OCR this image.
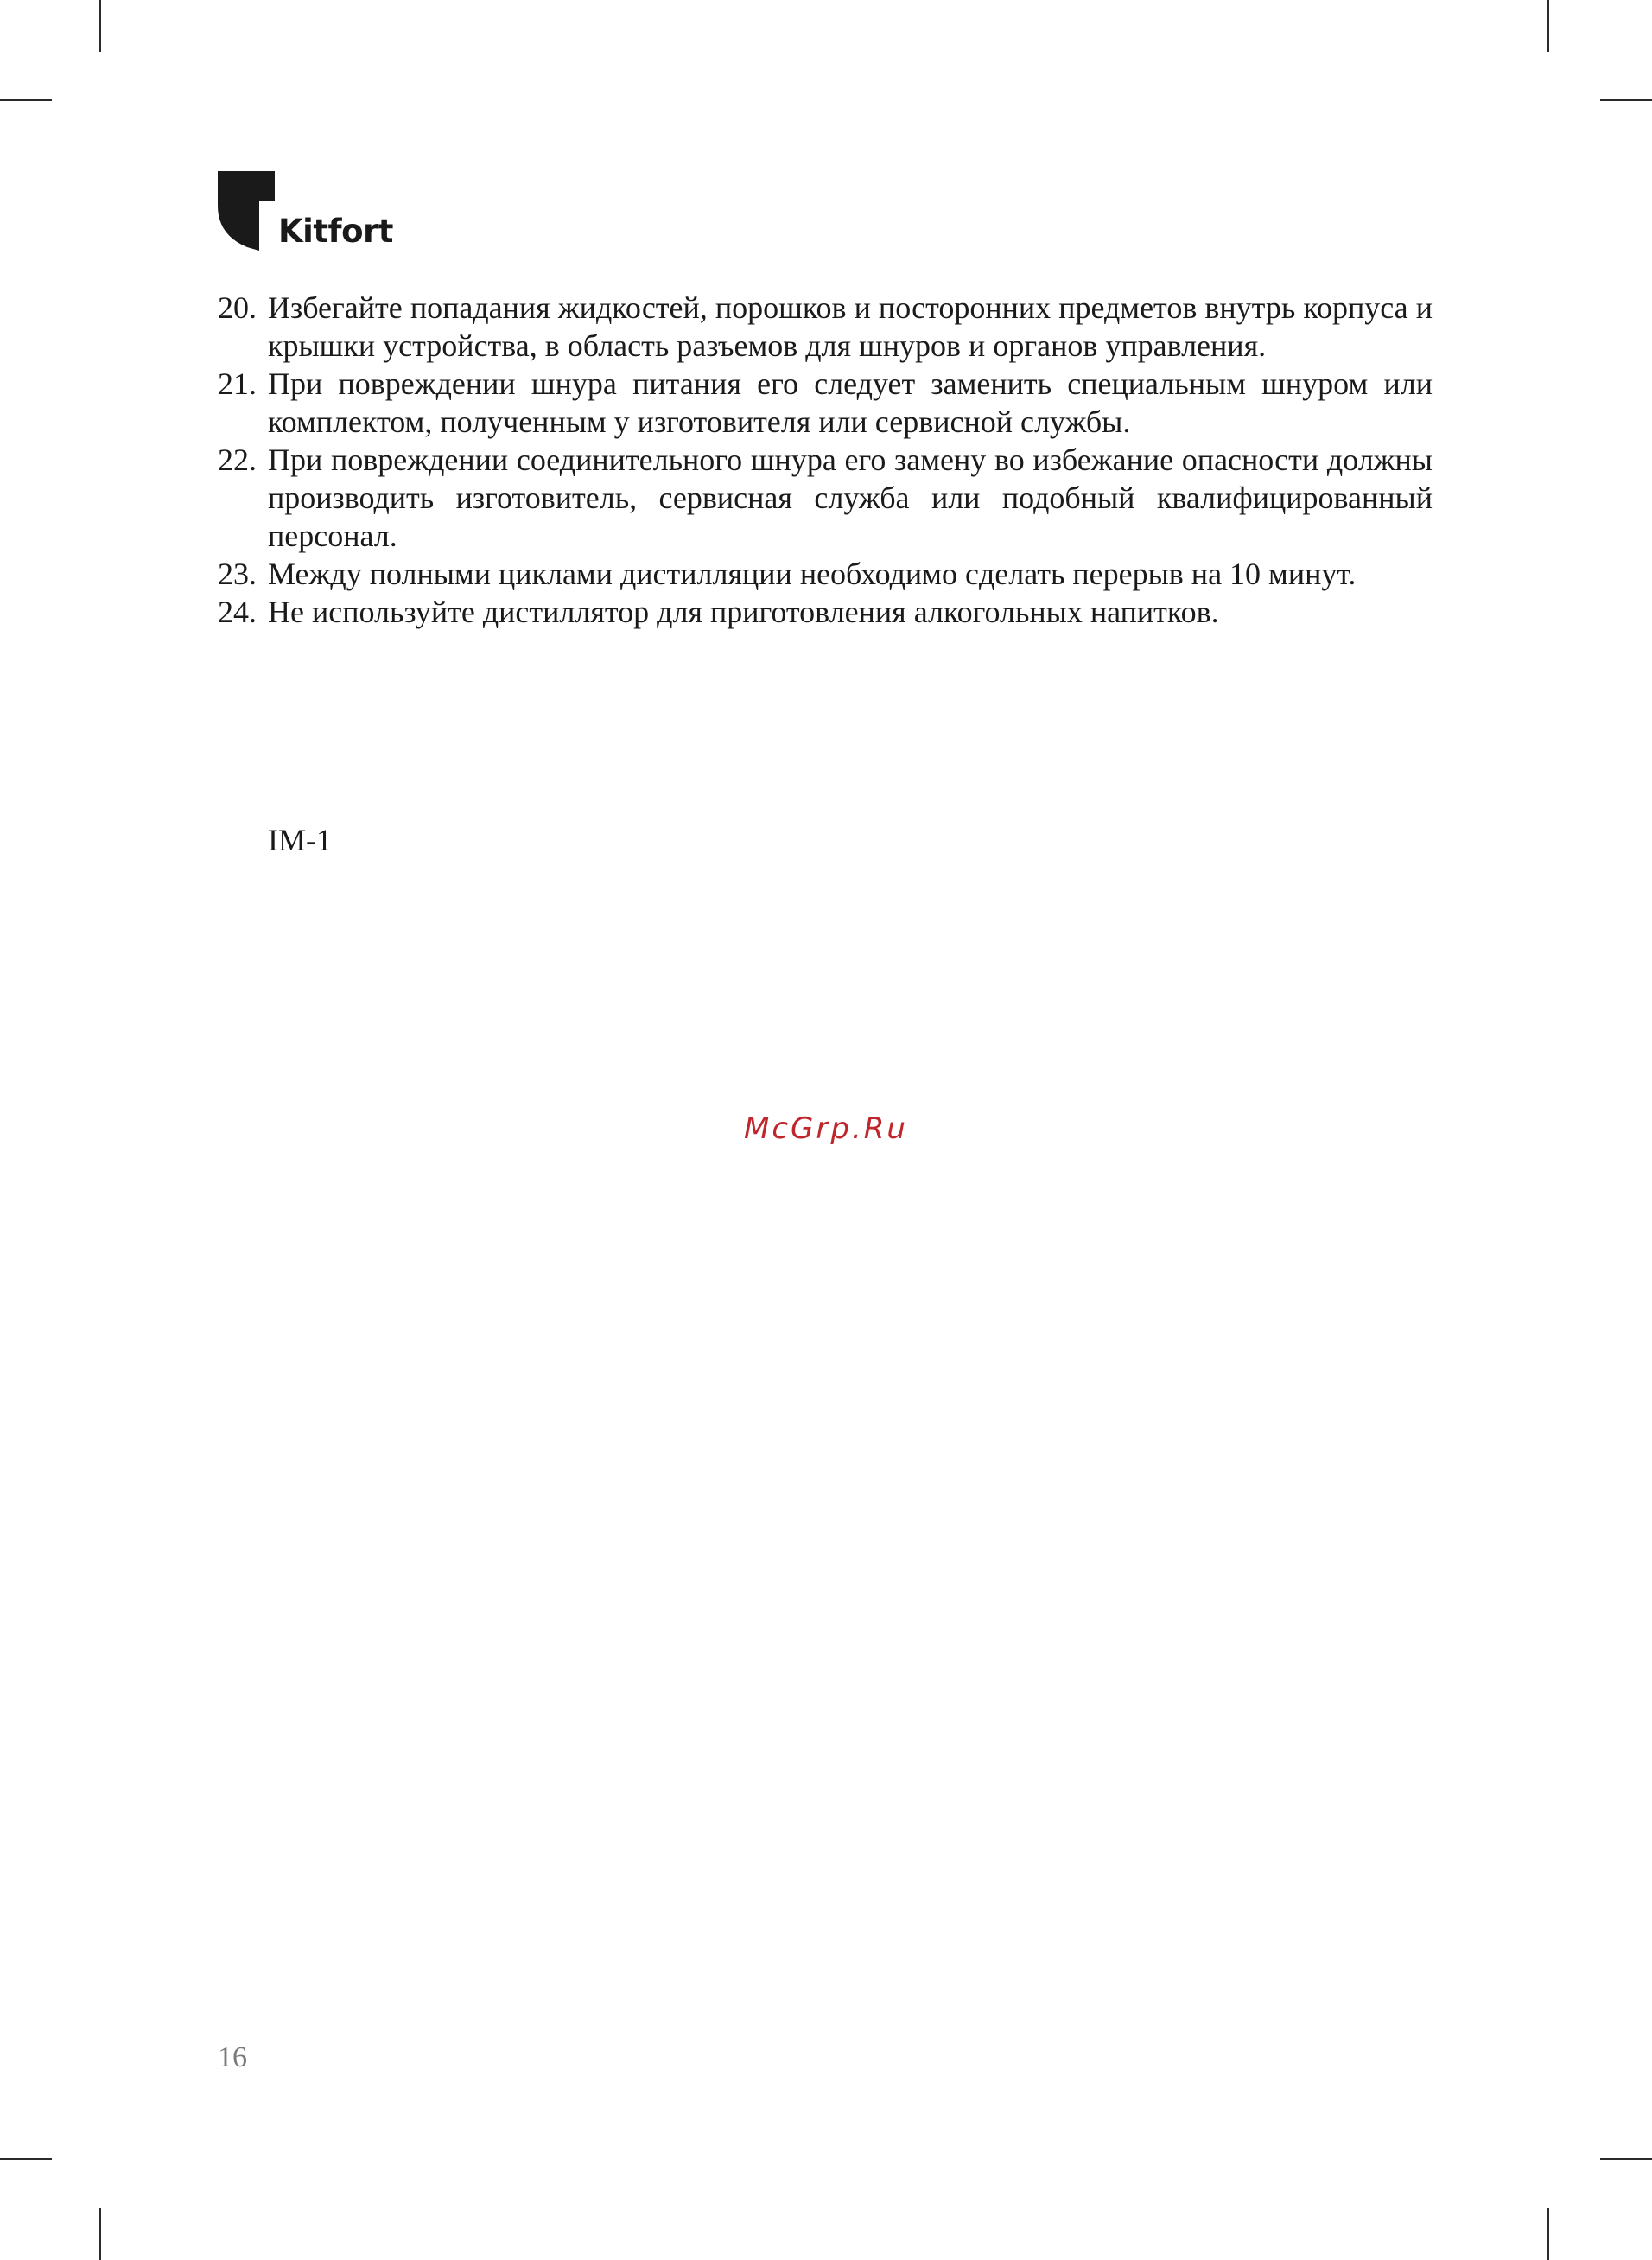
Kitfort
20. Избегайте попадания жидкостей, порошков и посторонних предметов внутрь корпуса и крышки устройства, в область разъемов для шнуров и органов управления.
21. При повреждении шнура питания его следует заменить специальным шнуром или комплектом, полученным у изготовителя или сервисной службы.
22. При повреждении соединительного шнура его замену во избежание опасности должны производить изготовитель, сервисная служба или подобный квалифицированный персонал.
23. Между полными циклами дистилляции необходимо сделать перерыв на 10 минут.
24. Не используйте дистиллятор для приготовления алкогольных напитков.
IM-1
McGrp.Ru
16
